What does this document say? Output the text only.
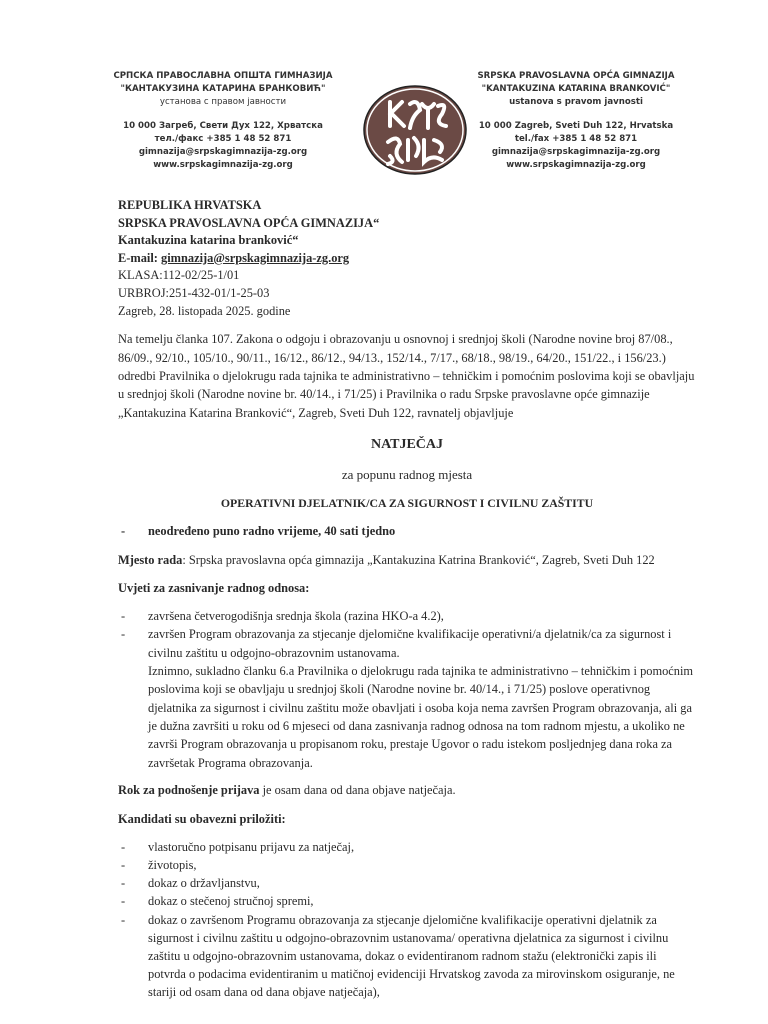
СРПСКА ПРАВОСЛАВНА ОПШТА ГИМНАЗИЈА
"КАНТАКУЗИНА КАТАРИНА БРАНКОВИЋ"
установа с правом јавности
10 000 Загреб, Свети Дух 122, Хрватска
тел./факс +385 1 48 52 871
gimnazija@srpskagimnazija-zg.org
www.srpskagimnazija-zg.org
SRPSKA PRAVOSLAVNA OPĆA GIMNAZIJA
"KANTAKUZINA KATARINA BRANKOVIĆ"
ustanova s pravom javnosti
10 000 Zagreb, Sveti Duh 122, Hrvatska
tel./fax +385 1 48 52 871
gimnazija@srpskagimnazija-zg.org
www.srpskagimnazija-zg.org
REPUBLIKA HRVATSKA
SRPSKA PRAVOSLAVNA OPĆA GIMNAZIJA“
Kantakuzina katarina branković“
E-mail: gimnazija@srpskagimnazija-zg.org
KLASA:112-02/25-1/01
URBROJ:251-432-01/1-25-03
Zagreb, 28. listopada 2025. godine
Na temelju članka 107. Zakona o odgoju i obrazovanju u osnovnoj i srednjoj školi (Narodne novine broj 87/08., 86/09., 92/10., 105/10., 90/11., 16/12., 86/12., 94/13., 152/14., 7/17., 68/18., 98/19., 64/20., 151/22., i 156/23.) odredbi Pravilnika o djelokrugu rada tajnika te administrativno – tehničkim i pomoćnim poslovima koji se obavljaju u srednjoj školi (Narodne novine br. 40/14., i 71/25) i Pravilnika o radu Srpske pravoslavne opće gimnazije „Kantakuzina Katarina Branković“, Zagreb, Sveti Duh 122, ravnatelj objavljuje
NATJEČAJ
za popunu radnog mjesta
OPERATIVNI DJELATNIK/CA ZA SIGURNOST I CIVILNU ZAŠTITU
- neodređeno puno radno vrijeme, 40 sati tjedno
Mjesto rada: Srpska pravoslavna opća gimnazija „Kantakuzina Katrina Branković“, Zagreb, Sveti Duh 122
Uvjeti za zasnivanje radnog odnosa:
- završena četverogodišnja srednja škola (razina HKO-a 4.2),
- završen Program obrazovanja za stjecanje djelomične kvalifikacije operativni/a djelatnik/ca za sigurnost i civilnu zaštitu u odgojno-obrazovnim ustanovama.
Iznimno, sukladno članku 6.a Pravilnika o djelokrugu rada tajnika te administrativno – tehničkim i pomoćnim poslovima koji se obavljaju u srednjoj školi (Narodne novine br. 40/14., i 71/25) poslove operativnog djelatnika za sigurnost i civilnu zaštitu može obavljati i osoba koja nema završen Program obrazovanja, ali ga je dužna završiti u roku od 6 mjeseci od dana zasnivanja radnog odnosa na tom radnom mjestu, a ukoliko ne završi Program obrazovanja u propisanom roku, prestaje Ugovor o radu istekom posljednjeg dana roka za završetak Programa obrazovanja.
Rok za podnošenje prijava je osam dana od dana objave natječaja.
Kandidati su obavezni priložiti:
- vlastoručno potpisanu prijavu za natječaj,
- životopis,
- dokaz o državljanstvu,
- dokaz o stečenoj stručnoj spremi,
- dokaz o završenom Programu obrazovanja za stjecanje djelomične kvalifikacije operativni djelatnik za sigurnost i civilnu zaštitu u odgojno-obrazovnim ustanovama/ operativna djelatnica za sigurnost i civilnu zaštitu u odgojno-obrazovnim ustanovama, dokaz o evidentiranom radnom stažu (elektronički zapis ili potvrda o podacima evidentiranim u matičnoj evidenciji Hrvatskog zavoda za mirovinskom osiguranje, ne stariji od osam dana od dana objave natječaja),
